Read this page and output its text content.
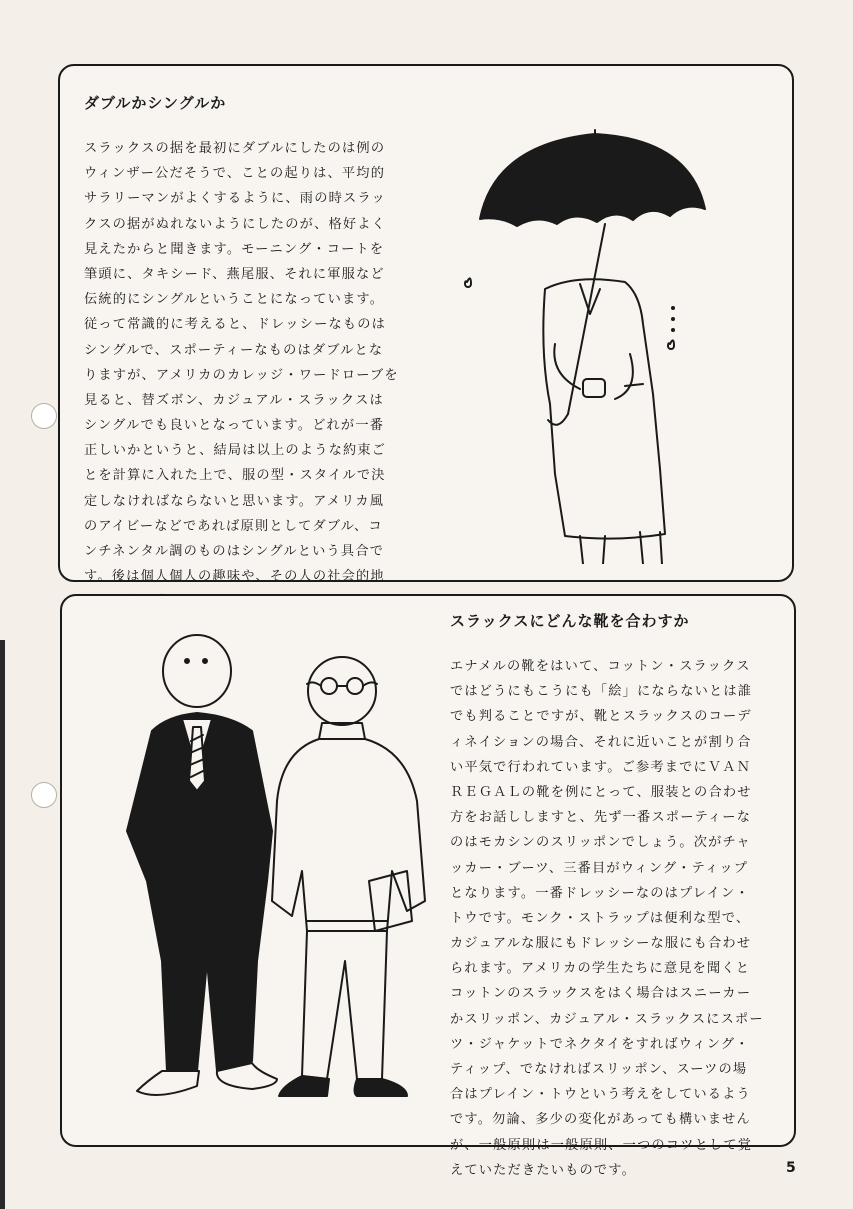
ダブルかシングルか
スラックスの据を最初にダブルにしたのは例の
ウィンザー公だそうで、ことの起りは、平均的
サラリーマンがよくするように、雨の時スラッ
クスの据がぬれないようにしたのが、格好よく
見えたからと聞きます。モーニング・コートを
筆頭に、タキシード、燕尾服、それに軍服など
伝統的にシングルということになっています。
従って常識的に考えると、ドレッシーなものは
シングルで、スポーティーなものはダブルとな
りますが、アメリカのカレッジ・ワードローブを
見ると、替ズボン、カジュアル・スラックスは
シングルでも良いとなっています。どれが一番
正しいかというと、結局は以上のような約束ご
とを計算に入れた上で、服の型・スタイルで決
定しなければならないと思います。アメリカ風
のアイビーなどであれば原則としてダブル、コ
ンチネンタル調のものはシングルという具合で
す。後は個人個人の趣味や、その人の社会的地
スラックスにどんな靴を合わすか
エナメルの靴をはいて、コットン・スラックス
ではどうにもこうにも「絵」にならないとは誰
でも判ることですが、靴とスラックスのコーデ
ィネイションの場合、それに近いことが割り合
い平気で行われています。ご参考までにＶＡＮ
ＲＥＧＡＬの靴を例にとって、服装との合わせ
方をお話ししますと、先ず一番スポーティーな
のはモカシンのスリッポンでしょう。次がチャ
ッカー・ブーツ、三番目がウィング・ティップ
となります。一番ドレッシーなのはプレイン・
トウです。モンク・ストラップは便利な型で、
カジュアルな服にもドレッシーな服にも合わせ
られます。アメリカの学生たちに意見を聞くと
コットンのスラックスをはく場合はスニーカー
かスリッポン、カジュアル・スラックスにスポー
ツ・ジャケットでネクタイをすればウィング・
ティップ、でなければスリッポン、スーツの場
合はプレイン・トウという考えをしているよう
です。勿論、多少の変化があっても構いません
が、一般原則は一般原則、一つのコツとして覚
えていただきたいものです。	5
